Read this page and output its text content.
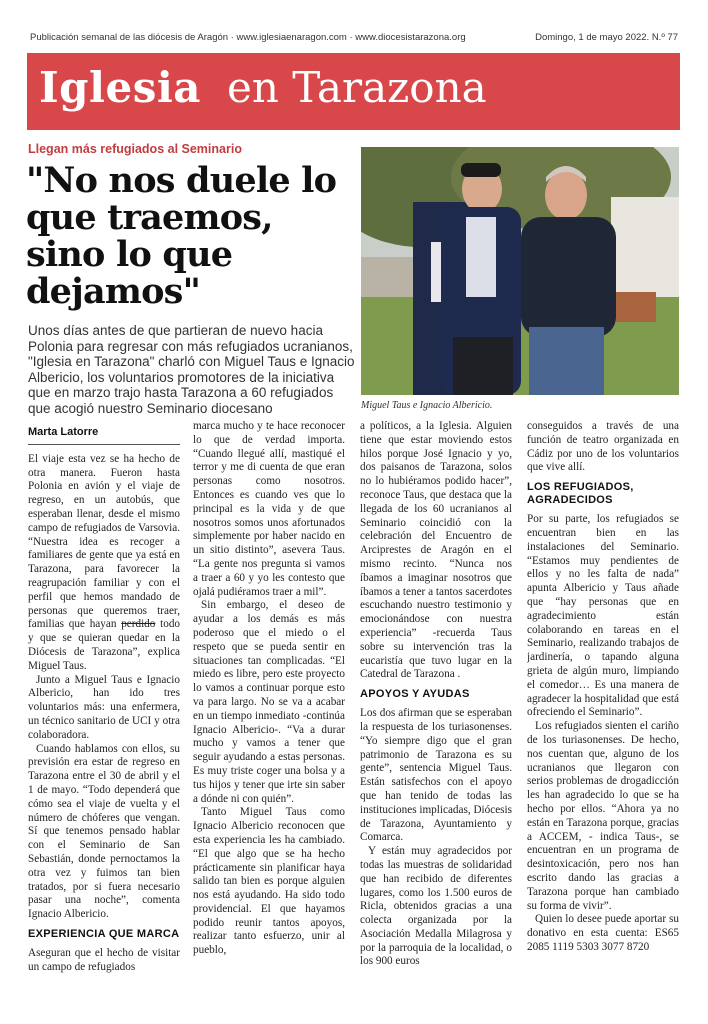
Publicación semanal de las diócesis de Aragón · www.iglesiaenaragon.com · www.diocesistarazona.org	Domingo, 1 de mayo 2022. N.º 77
Iglesia en Tarazona
Llegan más refugiados al Seminario
"No nos duele lo que traemos, sino lo que dejamos"
Unos días antes de que partieran de nuevo hacia Polonia para regresar con más refugiados ucranianos, "Iglesia en Tarazona" charló con Miguel Taus e Ignacio Albericio, los voluntarios promotores de la iniciativa que en marzo trajo hasta Tarazona a 60 refugiados que acogió nuestro Seminario diocesano	Miguel Taus e Ignacio Albericio.
Marta Latorre

El viaje esta vez se ha hecho de otra manera. Fueron hasta Polonia en avión y el viaje de regreso, en un autobús, que esperaban llenar, desde el mismo campo de refugiados de Varsovia. “Nuestra idea es recoger a familiares de gente que ya está en Tarazona, para favorecer la reagrupación familiar y con el perfil que hemos mandado de personas que queremos traer, familias que hayan perdido todo y que se quieran quedar en la Diócesis de Tarazona”, explica Miguel Taus.

Junto a Miguel Taus e Ignacio Albericio, han ido tres voluntarios más: una enfermera, un técnico sanitario de UCI y otra colaboradora.

Cuando hablamos con ellos, su previsión era estar de regreso en Tarazona entre el 30 de abril y el 1 de mayo. “Todo dependerá que cómo sea el viaje de vuelta y el número de chóferes que vengan. Sí que tenemos pensado hablar con el Seminario de San Sebastián, donde pernoctamos la otra vez y fuimos tan bien tratados, por si fuera necesario pasar una noche”, comenta Ignacio Albericio.

EXPERIENCIA QUE MARCA

Aseguran que el hecho de visitar un campo de refugiados

marca mucho y te hace reconocer lo que de verdad importa. “Cuando llegué allí, mastiqué el terror y me di cuenta de que eran personas como nosotros. Entonces es cuando ves que lo principal es la vida y de que nosotros somos unos afortunados simplemente por haber nacido en un sitio distinto”, asevera Taus. “La gente nos pregunta si vamos a traer a 60 y yo les contesto que ojalá pudiéramos traer a mil”.

Sin embargo, el deseo de ayudar a los demás es más poderoso que el miedo o el respeto que se pueda sentir en situaciones tan complicadas. “El miedo es libre, pero este proyecto lo vamos a continuar porque esto va para largo. No se va a acabar en un tiempo inmediato -continúa Ignacio Albericio-. “Va a durar mucho y vamos a tener que seguir ayudando a estas personas. Es muy triste coger una bolsa y a tus hijos y tener que irte sin saber a dónde ni con quién”.

Tanto Miguel Taus como Ignacio Albericio reconocen que esta experiencia les ha cambiado. “El que algo que se ha hecho prácticamente sin planificar haya salido tan bien es porque alguien nos está ayudando. Ha sido todo providencial. El que hayamos podido reunir tantos apoyos, realizar tanto esfuerzo, unir al pueblo,

a políticos, a la Iglesia. Alguien tiene que estar moviendo estos hilos porque José Ignacio y yo, dos paisanos de Tarazona, solos no lo hubiéramos podido hacer”, reconoce Taus, que destaca que la llegada de los 60 ucranianos al Seminario coincidió con la celebración del Encuentro de Arciprestes de Aragón en el mismo recinto. “Nunca nos íbamos a imaginar nosotros que íbamos a tener a tantos sacerdotes escuchando nuestro testimonio y emocionándose con nuestra experiencia” -recuerda Taus sobre su intervención tras la eucaristía que tuvo lugar en la Catedral de Tarazona .

APOYOS Y AYUDAS

Los dos afirman que se esperaban la respuesta de los turiasonenses. “Yo siempre digo que el gran patrimonio de Tarazona es su gente”, sentencia Miguel Taus. Están satisfechos con el apoyo que han tenido de todas las instituciones implicadas, Diócesis de Tarazona, Ayuntamiento y Comarca.

Y están muy agradecidos por todas las muestras de solidaridad que han recibido de diferentes lugares, como los 1.500 euros de Ricla, obtenidos gracias a una colecta organizada por la Asociación Medalla Milagrosa y por la parroquia de la localidad, o los 900 euros

conseguidos a través de una función de teatro organizada en Cádiz por uno de los voluntarios que vive allí.

LOS REFUGIADOS, AGRADECIDOS

Por su parte, los refugiados se encuentran bien en las instalaciones del Seminario. “Estamos muy pendientes de ellos y no les falta de nada” apunta Albericio y Taus añade que “hay personas que en agradecimiento están colaborando en tareas en el Seminario, realizando trabajos de jardinería, o tapando alguna grieta de algún muro, limpiando el comedor… Es una manera de agradecer la hospitalidad que está ofreciendo el Seminario”.

Los refugiados sienten el cariño de los turiasonenses. De hecho, nos cuentan que, alguno de los ucranianos que llegaron con serios problemas de drogadicción les han agradecido lo que se ha hecho por ellos. “Ahora ya no están en Tarazona porque, gracias a ACCEM, - indica Taus-, se encuentran en un programa de desintoxicación, pero nos han escrito dando las gracias a Tarazona porque han cambiado su forma de vivir”.

Quien lo desee puede aportar su donativo en esta cuenta: ES65 2085 1119 5303 3077 8720
